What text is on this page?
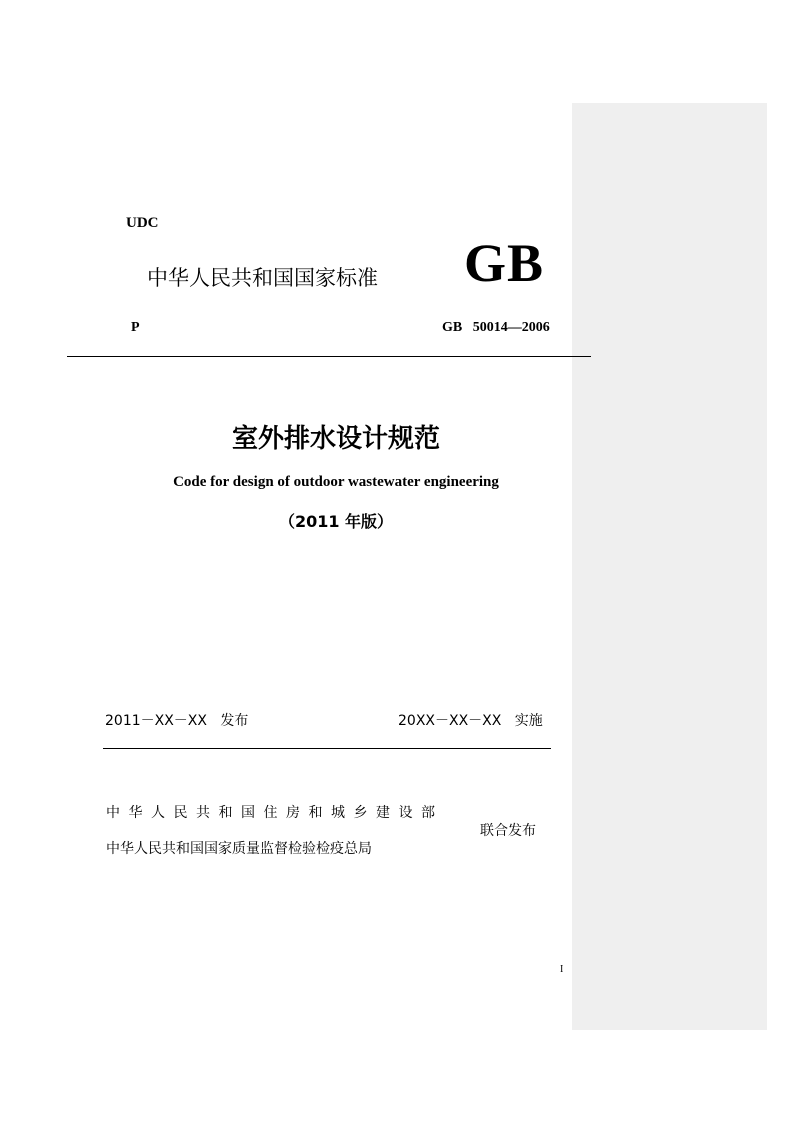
UDC
中华人民共和国国家标准 GB
P	GB   50014—2006
室外排水设计规范
Code for design of outdoor wastewater engineering
（2011 年版）
2011－XX－XX   发布	20XX－XX－XX   实施
中华人民共和国住房和城乡建设部
中华人民共和国国家质量监督检验检疫总局
联合发布
I
